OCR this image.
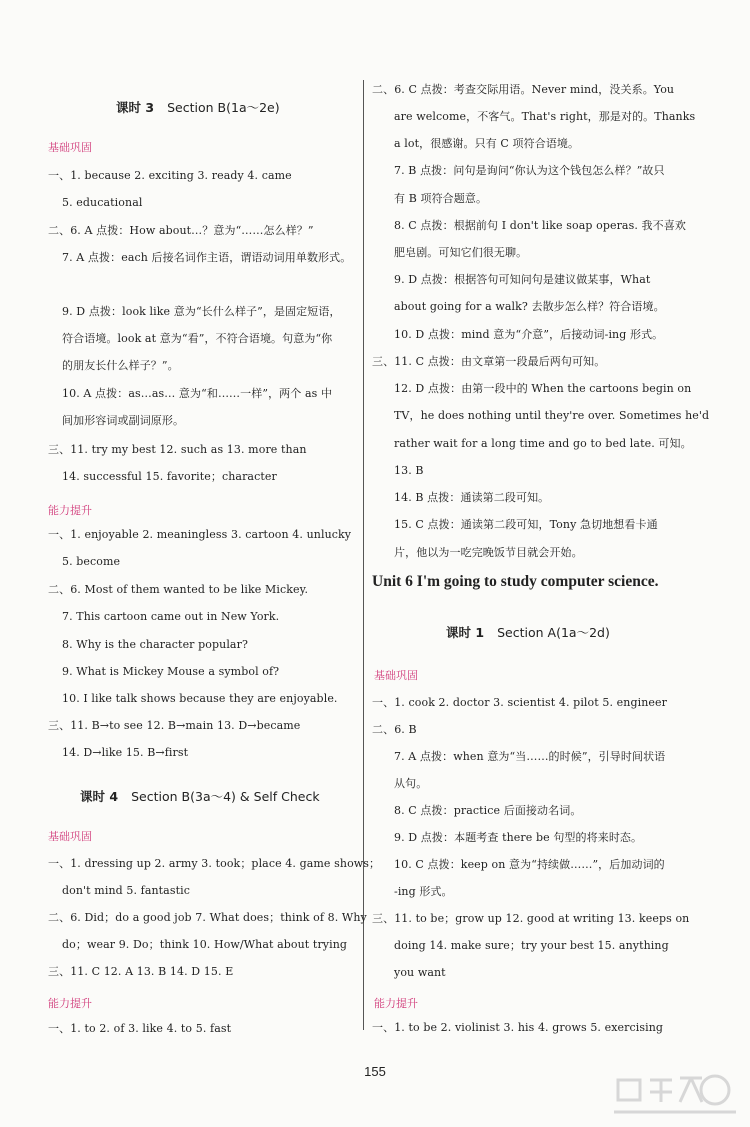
课时 3 Section B(1a～2e)
基础巩固
一、1. because 2. exciting 3. ready 4. came
5. educational
二、6. A 点拨：How about…？意为“……怎么样？”
7. A 点拨：each 后接名词作主语，谓语动词用单数形式。
9. D 点拨：look like 意为“长什么样子”，是固定短语，
符合语境。look at 意为“看”，不符合语境。句意为“你
的朋友长什么样子？”。
10. A 点拨：as…as… 意为“和……一样”，两个 as 中
间加形容词或副词原形。
三、11. try my best 12. such as 13. more than
14. successful 15. favorite；character
能力提升
一、1. enjoyable 2. meaningless 3. cartoon 4. unlucky
5. become
二、6. Most of them wanted to be like Mickey.
7. This cartoon came out in New York.
8. Why is the character popular?
9. What is Mickey Mouse a symbol of?
10. I like talk shows because they are enjoyable.
三、11. B→to see 12. B→main 13. D→became
14. D→like 15. B→first
课时 4 Section B(3a～4) & Self Check
基础巩固
一、1. dressing up 2. army 3. took；place 4. game shows；
don't mind 5. fantastic
二、6. Did；do a good job 7. What does；think of 8. Why
do；wear 9. Do；think 10. How/What about trying
三、11. C 12. A 13. B 14. D 15. E
能力提升
一、1. to 2. of 3. like 4. to 5. fast
二、6. C 点拨：考查交际用语。Never mind，没关系。You
are welcome，不客气。That's right，那是对的。Thanks
a lot，很感谢。只有 C 项符合语境。
7. B 点拨：问句是询问“你认为这个钱包怎么样？”故只
有 B 项符合题意。
8. C 点拨：根据前句 I don't like soap operas. 我不喜欢
肥皂剧。可知它们很无聊。
9. D 点拨：根据答句可知问句是建议做某事，What
about going for a walk? 去散步怎么样？符合语境。
10. D 点拨：mind 意为“介意”，后接动词-ing 形式。
三、11. C 点拨：由文章第一段最后两句可知。
12. D 点拨：由第一段中的 When the cartoons begin on
TV，he does nothing until they're over. Sometimes he'd
rather wait for a long time and go to bed late. 可知。
13. B
14. B 点拨：通读第二段可知。
15. C 点拨：通读第二段可知，Tony 急切地想看卡通
片，他以为一吃完晚饭节目就会开始。
Unit 6 I'm going to study computer science.
课时 1 Section A(1a～2d)
基础巩固
一、1. cook 2. doctor 3. scientist 4. pilot 5. engineer
二、6. B
7. A 点拨：when 意为“当……的时候”，引导时间状语
从句。
8. C 点拨：practice 后面接动名词。
9. D 点拨：本题考查 there be 句型的将来时态。
10. C 点拨：keep on 意为“持续做……”，后加动词的
-ing 形式。
三、11. to be；grow up 12. good at writing 13. keeps on
doing 14. make sure；try your best 15. anything
you want
能力提升
一、1. to be 2. violinist 3. his 4. grows 5. exercising
155
